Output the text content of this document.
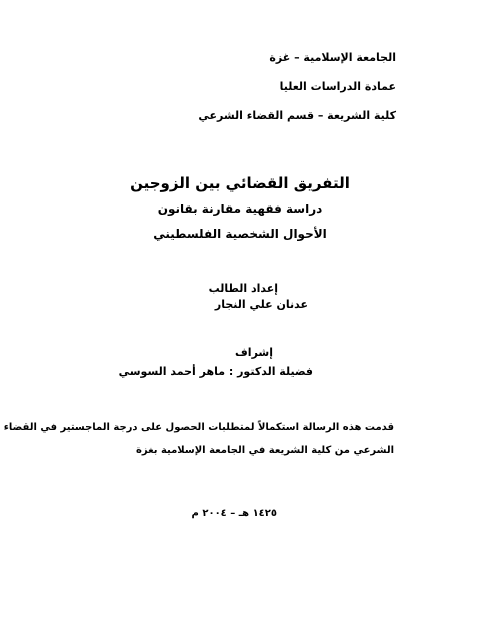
الجامعة الإسلامية – غزة
عمادة الدراسات العليا
كلية الشريعة – قسم القضاء الشرعي
التفريق القضائي بين الزوجين
دراسة فقهية مقارنة بقانون
الأحوال الشخصية الفلسطيني
إعداد الطالب
عدنان علي النجار
إشراف
فضيلة الدكتور : ماهر أحمد السوسي
قدمت هذه الرسالة استكمالاً لمتطلبات الحصول على درجة الماجستير في القضاء
الشرعي من كلية الشريعة في الجامعة الإسلامية بغزة
١٤٢٥ هـ – ٢٠٠٤ م
